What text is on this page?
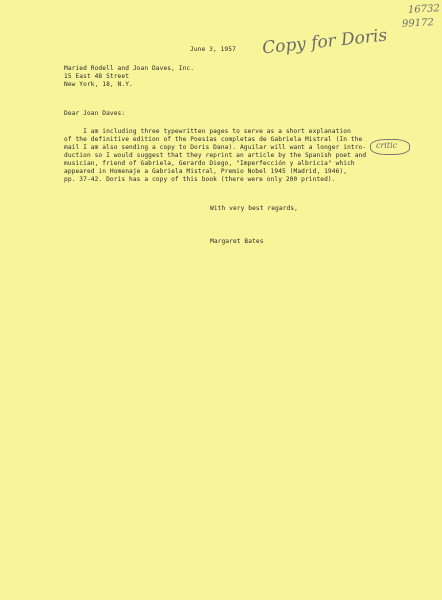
16732
99172
June 3, 1957 Copy for Doris
Maried Rodell and Joan Daves, Inc.
15 East 48 Street
New York, 18, N.Y.
Dear Joan Daves:
I am including three typewritten pages to serve as a short explanation
of the definitive edition of the Poesías completas de Gabriela Mistral (In the
mail I am also sending a copy to Doris Dana). Aguilar will want a longer intro-
duction so I would suggest that they reprint an article by the Spanish poet and
musician, friend of Gabriela, Gerardo Diego, "Imperfección y albricia" which
appeared in Homenaje a Gabriela Mistral, Premio Nobel 1945 (Madrid, 1946),
pp. 37-42. Doris has a copy of this book (there were only 200 printed).
critic
With very best regards,
Margaret Bates
